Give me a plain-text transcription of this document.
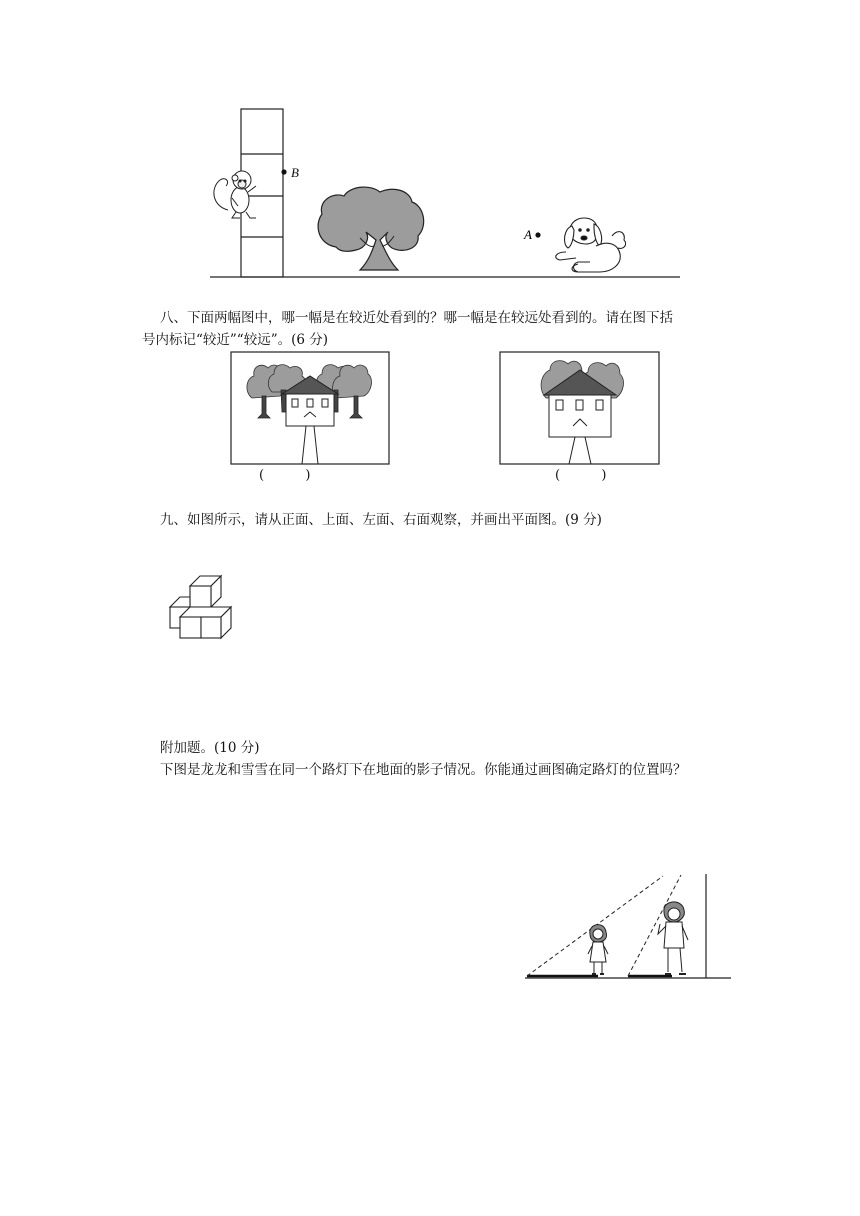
A
B
八、下面两幅图中，哪一幅是在较近处看到的？哪一幅是在较远处看到的。请在图下括
号内标记“较近”“较远”。(6 分)
(          )	(          )
九、如图所示，请从正面、上面、左面、右面观察，并画出平面图。(9 分)
附加题。(10 分)
下图是龙龙和雪雪在同一个路灯下在地面的影子情况。你能通过画图确定路灯的位置吗？
